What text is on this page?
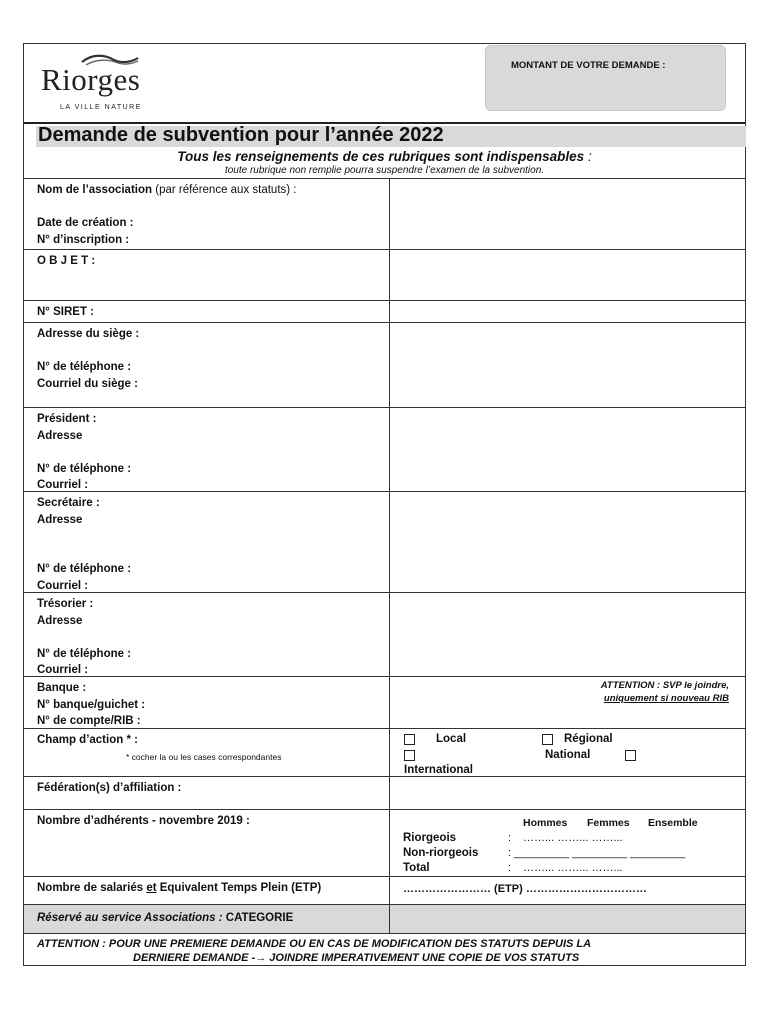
Riorges
LA VILLE NATURE
MONTANT DE VOTRE DEMANDE :
Demande de subvention pour l’année 2022
Tous les renseignements de ces rubriques sont indispensables :
toute rubrique non remplie pourra suspendre l’examen de la subvention.
Nom de l’association (par référence aux statuts) :
Date de création :
N° d’inscription :
O B J E T :
N° SIRET :
Adresse du siège :
N° de téléphone :
Courriel du siège :
Président :
Adresse
N° de téléphone :
Courriel :
Secrétaire :
Adresse
N° de téléphone :
Courriel :
Trésorier :
Adresse
N° de téléphone :
Courriel :
Banque :
N° banque/guichet :
N° de compte/RIB :
ATTENTION : SVP le joindre,
uniquement si nouveau RIB
Champ d’action * :
* cocher la ou les cases correspondantes
Local	Régional
National
International
Fédération(s) d’affiliation :
Nombre d’adhérents - novembre 2019 :	Hommes Femmes Ensemble
Riorgeois	: ……... ……... ……...
Non-riorgeois	: _________ _________ _________
Total	: ……... ……... ……...
Nombre de salariés et Equivalent Temps Plein (ETP)	…………………… (ETP) ……………………………
Réservé au service Associations : CATEGORIE
ATTENTION : POUR UNE PREMIERE DEMANDE OU EN CAS DE MODIFICATION DES STATUTS DEPUIS LA
DERNIERE DEMANDE -→ JOINDRE IMPERATIVEMENT UNE COPIE DE VOS STATUTS
